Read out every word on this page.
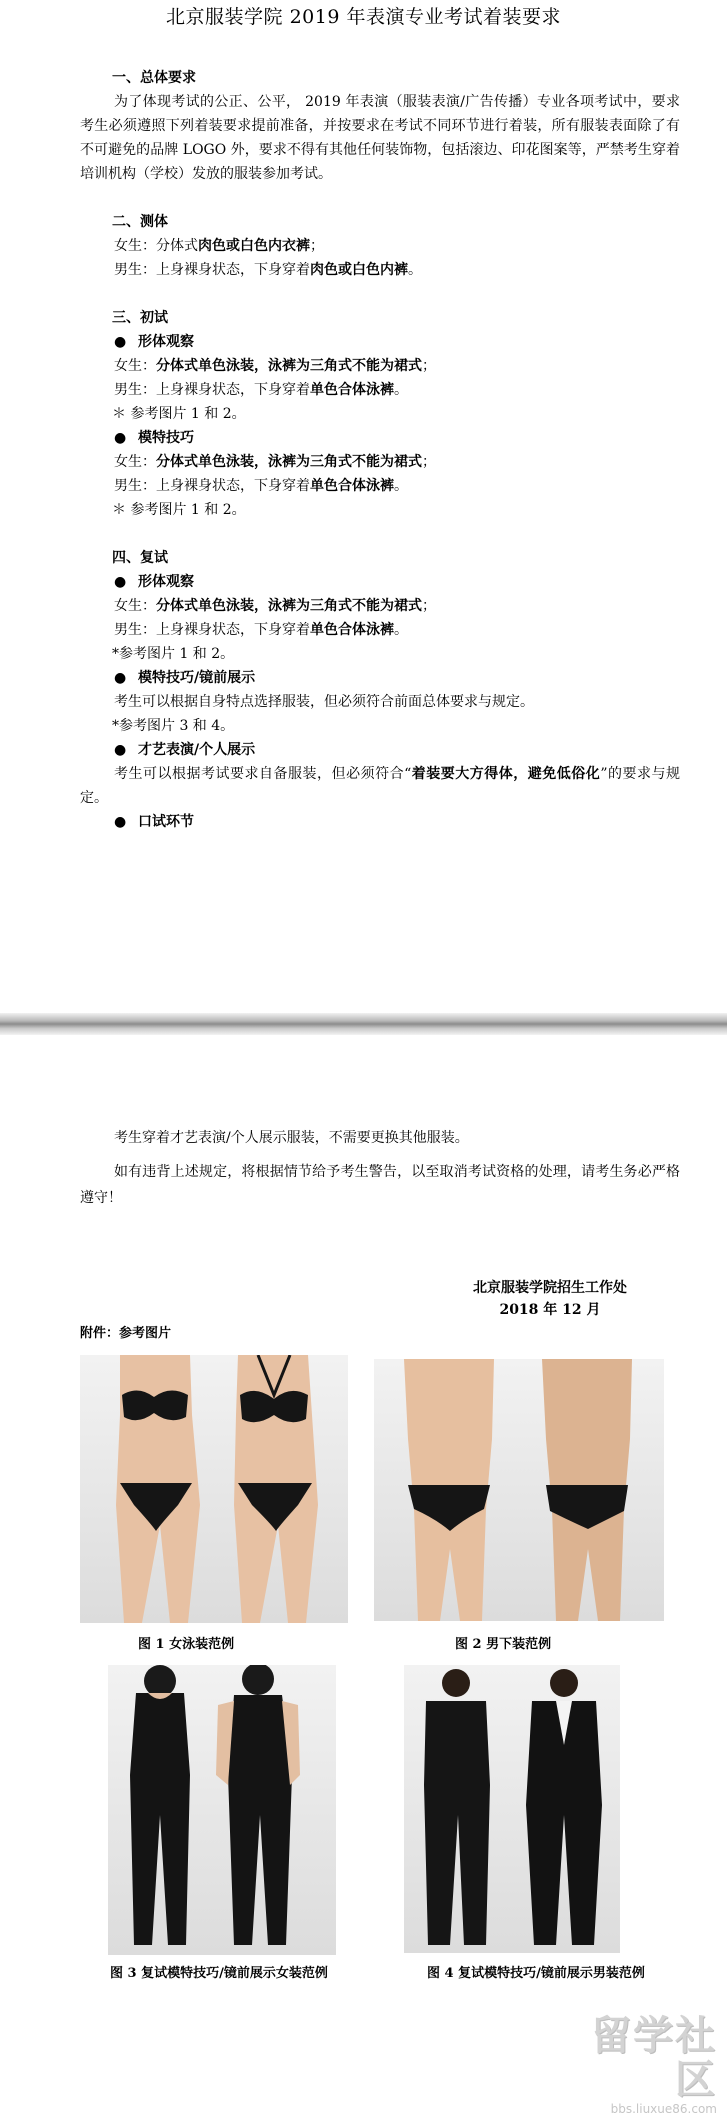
北京服装学院 2019 年表演专业考试着装要求
一、总体要求
为了体现考试的公正、公平， 2019 年表演（服装表演/广告传播）专业各项考试中，要求考生必须遵照下列着装要求提前准备，并按要求在考试不同环节进行着装，所有服装表面除了有不可避免的品牌 LOGO 外，要求不得有其他任何装饰物，包括滚边、印花图案等，严禁考生穿着培训机构（学校）发放的服装参加考试。
二、测体
女生：分体式肉色或白色内衣裤；
男生：上身裸身状态，下身穿着肉色或白色内裤。
三、初试
● 形体观察
女生：分体式单色泳装，泳裤为三角式不能为裙式；
男生：上身裸身状态，下身穿着单色合体泳裤。
＊ 参考图片 1 和 2。
● 模特技巧
女生：分体式单色泳装，泳裤为三角式不能为裙式；
男生：上身裸身状态，下身穿着单色合体泳裤。
＊ 参考图片 1 和 2。
四、复试
● 形体观察
女生：分体式单色泳装，泳裤为三角式不能为裙式；
男生：上身裸身状态，下身穿着单色合体泳裤。
*参考图片 1 和 2。
● 模特技巧/镜前展示
考生可以根据自身特点选择服装，但必须符合前面总体要求与规定。
*参考图片 3 和 4。
● 才艺表演/个人展示
考生可以根据考试要求自备服装，但必须符合“着装要大方得体，避免低俗化”的要求与规定。
● 口试环节
考生穿着才艺表演/个人展示服装，不需要更换其他服装。
如有违背上述规定，将根据情节给予考生警告，以至取消考试资格的处理，请考生务必严格遵守！
北京服装学院招生工作处
2018 年 12 月
附件：参考图片
图 1 女泳装范例	图 2 男下装范例
图 3 复试模特技巧/镜前展示女装范例	图 4 复试模特技巧/镜前展示男装范例
留学社区
bbs.liuxue86.com
